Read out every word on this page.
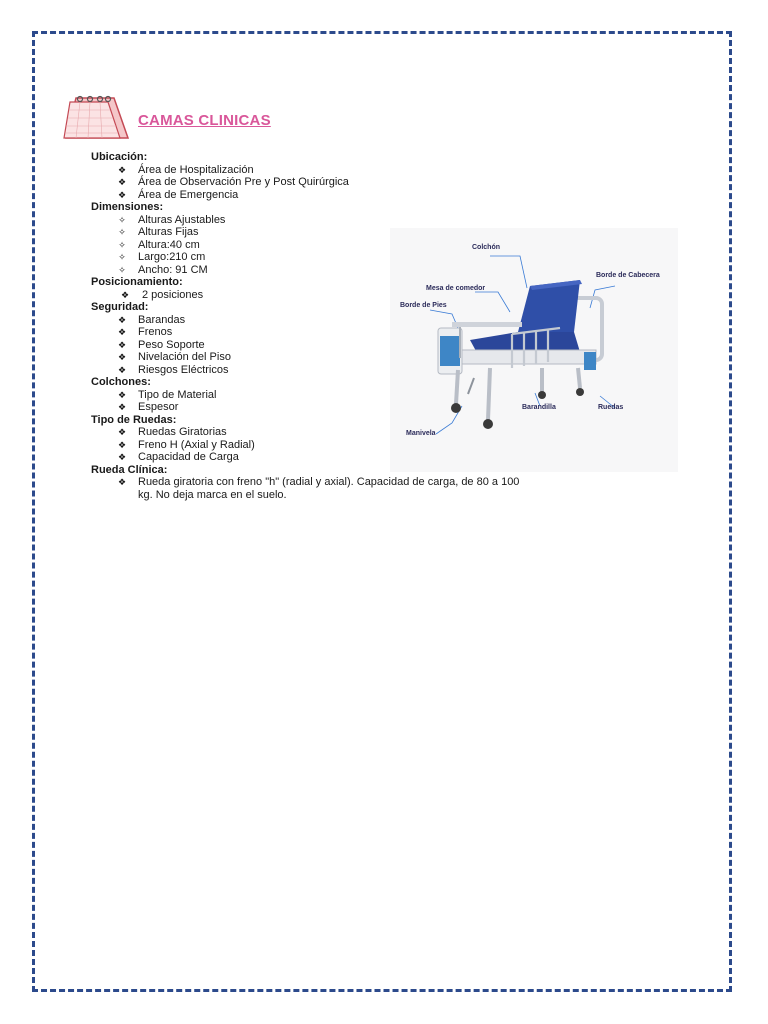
CAMAS CLINICAS
Ubicación:
❖ Área de Hospitalización
❖ Área de Observación Pre y Post Quirúrgica
❖ Área de Emergencia
Dimensiones:
✧ Alturas Ajustables
✧ Alturas Fijas
✧ Altura:40 cm
✧ Largo:210 cm
✧ Ancho: 91 CM
Posicionamiento:
❖ 2 posiciones
Seguridad:
❖ Barandas
❖ Frenos
❖ Peso Soporte
❖ Nivelación del Piso
❖ Riesgos Eléctricos
Colchones:
❖ Tipo de Material
❖ Espesor
Tipo de Ruedas:
❖ Ruedas Giratorias
❖ Freno H (Axial y Radial)
❖ Capacidad de Carga
Rueda Clínica:
❖ Rueda giratoria con freno "h" (radial y axial). Capacidad de carga, de 80 a 100 kg. No deja marca en el suelo.
Colchón
Mesa de comedor
Borde de Cabecera
Borde de Pies
Barandilla	Ruedas
Manivela
